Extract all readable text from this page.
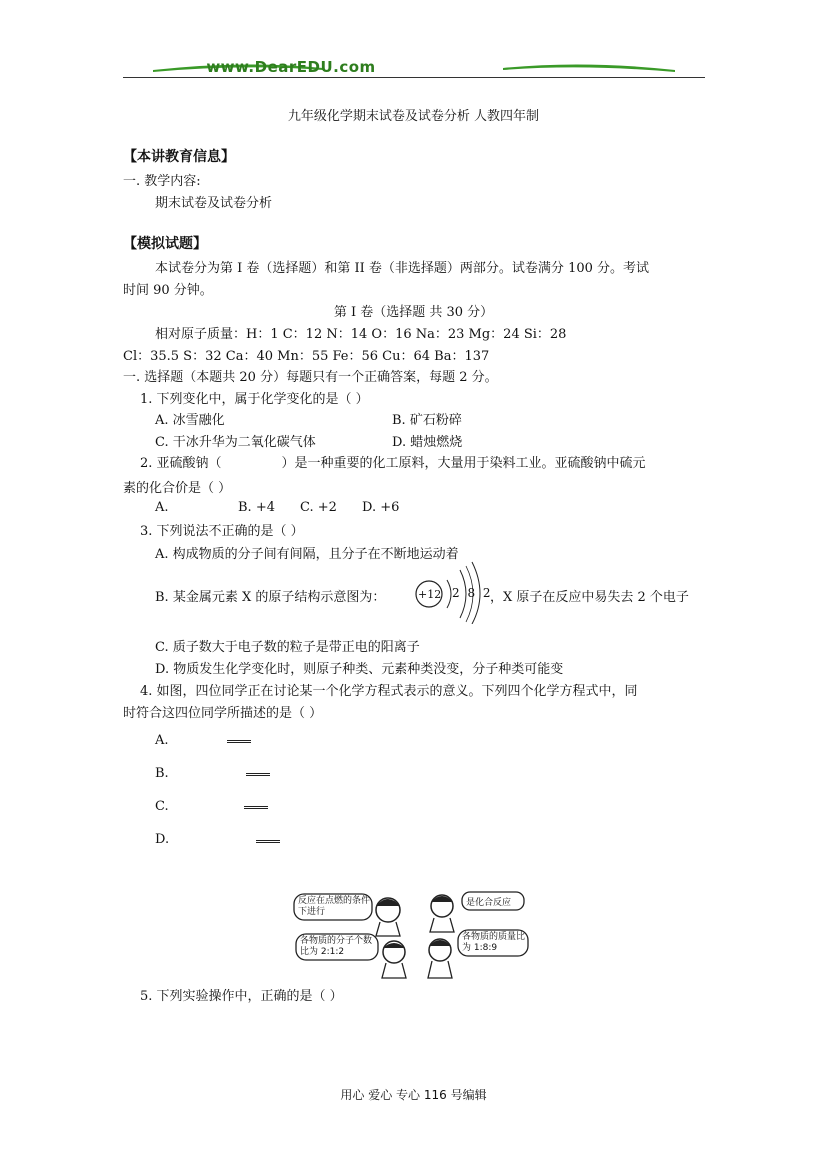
www.DearEDU.com
九年级化学期末试卷及试卷分析 人教四年制
【本讲教育信息】
一. 教学内容:
期末试卷及试卷分析
【模拟试题】
本试卷分为第 I 卷（选择题）和第 II 卷（非选择题）两部分。试卷满分 100 分。考试
时间 90 分钟。
第 I 卷（选择题 共 30 分）
相对原子质量：H：1 C：12 N：14 O：16 Na：23 Mg：24 Si：28
Cl：35.5 S：32 Ca：40 Mn：55 Fe：56 Cu：64 Ba：137
一. 选择题（本题共 20 分）每题只有一个正确答案，每题 2 分。
1. 下列变化中，属于化学变化的是（ ）
A. 冰雪融化	B. 矿石粉碎
C. 干冰升华为二氧化碳气体	D. 蜡烛燃烧
2. 亚硫酸钠（	）是一种重要的化工原料，大量用于染料工业。亚硫酸钠中硫元
素的化合价是（ ）
A.	B. +4 C. +2 D. +6
3. 下列说法不正确的是（ ）
A. 构成物质的分子间有间隔，且分子在不断地运动着
B. 某金属元素 X 的原子结构示意图为：	+12 2 8 2
，X 原子在反应中易失去 2 个电子
C. 质子数大于电子数的粒子是带正电的阳离子
D. 物质发生化学变化时，则原子种类、元素种类没变，分子种类可能变
4. 如图，四位同学正在讨论某一个化学方程式表示的意义。下列四个化学方程式中，同
时符合这四位同学所描述的是（ ）
A.
B.
C.
D.
反应在点燃的条件下进行
是化合反应
各物质的分子个数比为 2:1:2
各物质的质量比为 1:8:9
5. 下列实验操作中，正确的是（ ）
用心 爱心 专心 116 号编辑
